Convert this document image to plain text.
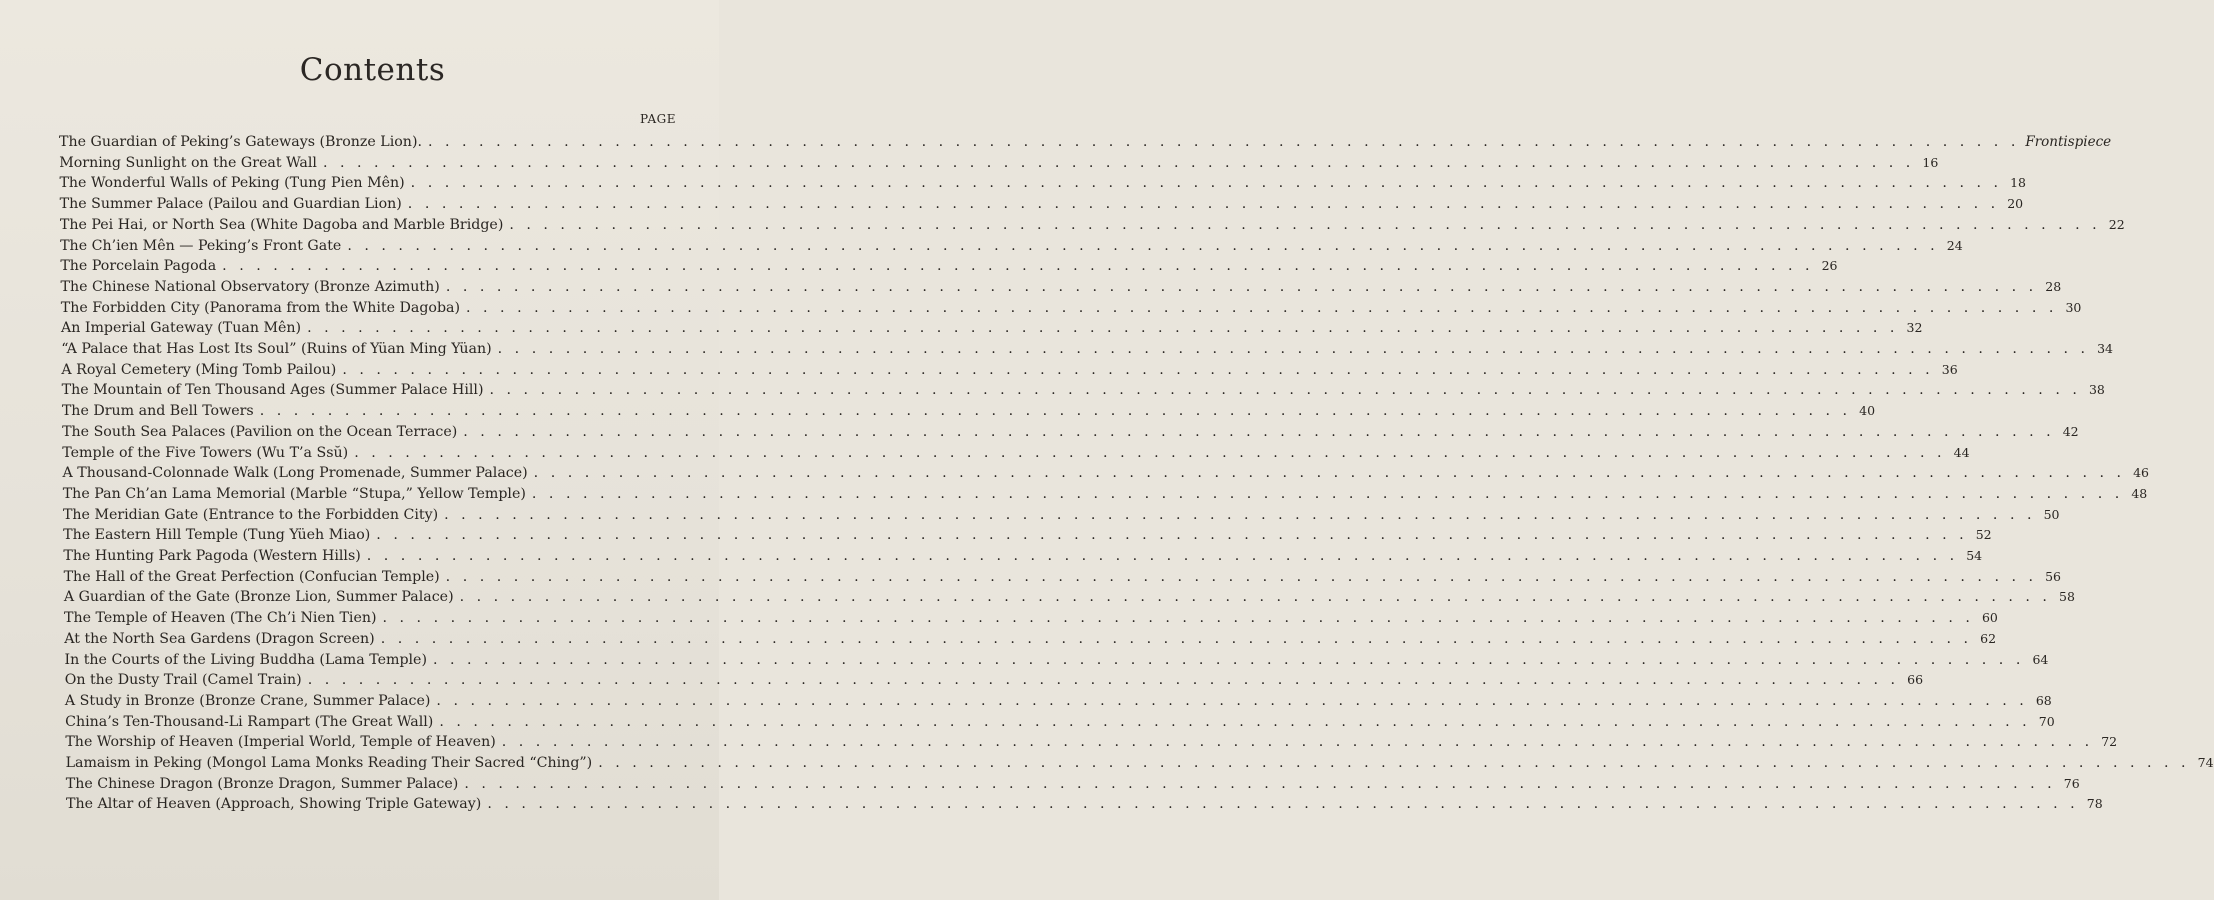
Contents
PAGE
The Guardian of Peking’s Gateways (Bronze Lion). . . .	Frontispiece
Morning Sunlight on the Great Wall . . .	16
The Wonderful Walls of Peking (Tung Pien Mên) . . .	18
The Summer Palace (Pailou and Guardian Lion) . . .	20
The Pei Hai, or North Sea (White Dagoba and Marble Bridge) . . .	22
The Ch’ien Mên — Peking’s Front Gate . . .	24
The Porcelain Pagoda . . .	26
The Chinese National Observatory (Bronze Azimuth) . . .	28
The Forbidden City (Panorama from the White Dagoba) . . .	30
An Imperial Gateway (Tuan Mên) . . .	32
“A Palace that Has Lost Its Soul” (Ruins of Yüan Ming Yüan) . . .	34
A Royal Cemetery (Ming Tomb Pailou) . . .	36
The Mountain of Ten Thousand Ages (Summer Palace Hill) . . .	38
The Drum and Bell Towers . . .	40
The South Sea Palaces (Pavilion on the Ocean Terrace) . . .	42
Temple of the Five Towers (Wu T’a Ssŭ) . . .	44
A Thousand-Colonnade Walk (Long Promenade, Summer Palace) . . .	46
The Pan Ch’an Lama Memorial (Marble “Stupa,” Yellow Temple) . . .	48
The Meridian Gate (Entrance to the Forbidden City) . . .	50
The Eastern Hill Temple (Tung Yüeh Miao) . . .	52
The Hunting Park Pagoda (Western Hills) . . .	54
The Hall of the Great Perfection (Confucian Temple) . . .	56
A Guardian of the Gate (Bronze Lion, Summer Palace) . . .	58
The Temple of Heaven (The Ch’i Nien Tien) . . .	60
At the North Sea Gardens (Dragon Screen) . . .	62
In the Courts of the Living Buddha (Lama Temple) . . .	64
On the Dusty Trail (Camel Train) . . .	66
A Study in Bronze (Bronze Crane, Summer Palace) . . .	68
China’s Ten-Thousand-Li Rampart (The Great Wall) . . .	70
The Worship of Heaven (Imperial World, Temple of Heaven) . . .	72
Lamaism in Peking (Mongol Lama Monks Reading Their Sacred “Ching”) . . .	74
The Chinese Dragon (Bronze Dragon, Summer Palace) . . .	76
The Altar of Heaven (Approach, Showing Triple Gateway) . . .	78
